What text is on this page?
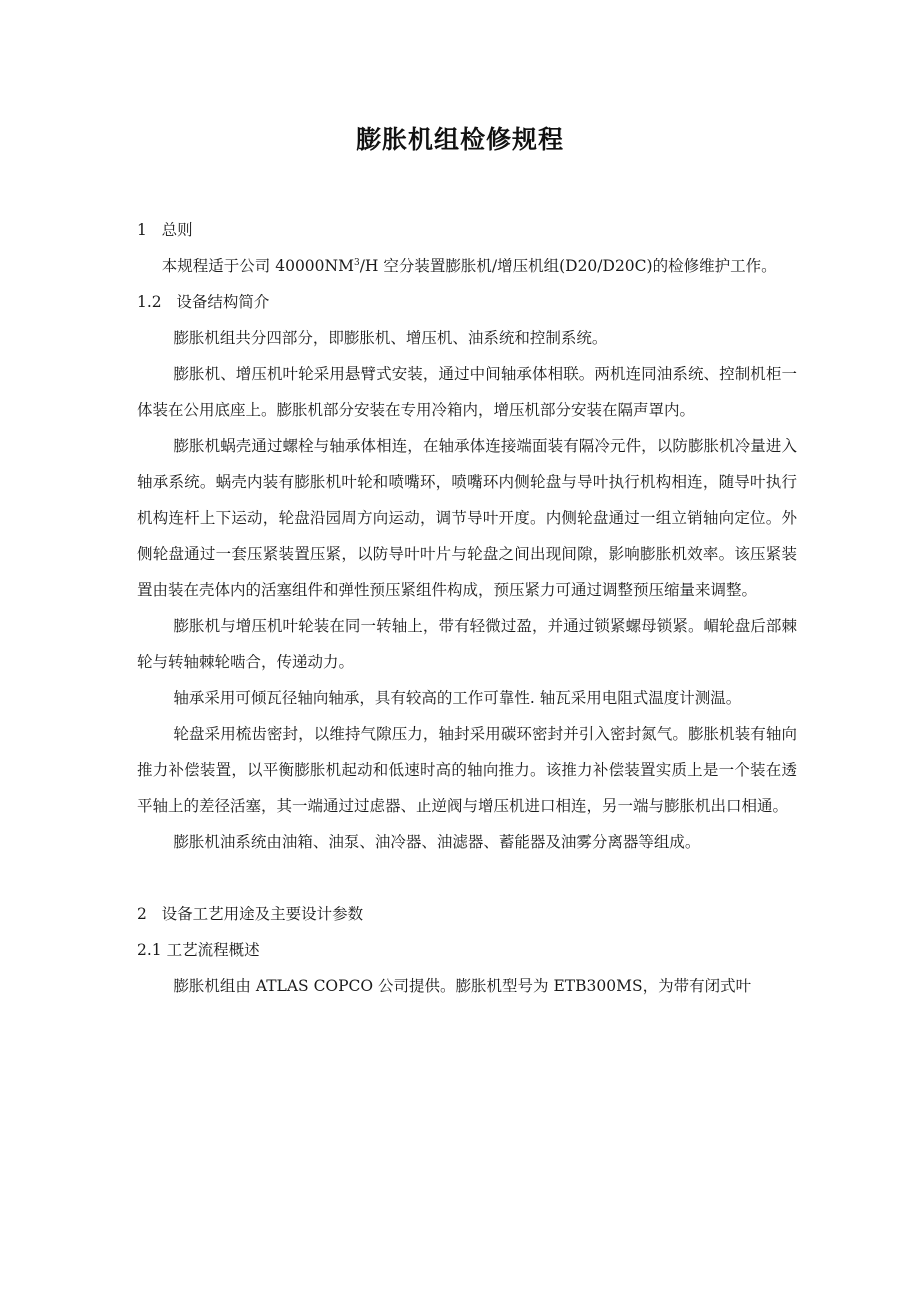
膨胀机组检修规程

1   总则

本规程适于公司 $40000NM^3/H$ 空分装置膨胀机/增压机组(D20/D20C)的检修维护工作。

1.2   设备结构简介

膨胀机组共分四部分，即膨胀机、增压机、油系统和控制系统。

膨胀机、增压机叶轮采用悬臂式安装，通过中间轴承体相联。两机连同油系统、控制机柜一体装在公用底座上。膨胀机部分安装在专用冷箱内，增压机部分安装在隔声罩内。

膨胀机蜗壳通过螺栓与轴承体相连，在轴承体连接端面装有隔冷元件，以防膨胀机冷量进入轴承系统。蜗壳内装有膨胀机叶轮和喷嘴环，喷嘴环内侧轮盘与导叶执行机构相连，随导叶执行机构连杆上下运动，轮盘沿园周方向运动，调节导叶开度。内侧轮盘通过一组立销轴向定位。外侧轮盘通过一套压紧装置压紧，以防导叶叶片与轮盘之间出现间隙，影响膨胀机效率。该压紧装置由装在壳体内的活塞组件和弹性预压紧组件构成，预压紧力可通过调整预压缩量来调整。

膨胀机与增压机叶轮装在同一转轴上，带有轻微过盈，并通过锁紧螺母锁紧。嵋轮盘后部棘轮与转轴棘轮啮合，传递动力。

轴承采用可倾瓦径轴向轴承，具有较高的工作可靠性. 轴瓦采用电阻式温度计测温。

轮盘采用梳齿密封，以维持气隙压力，轴封采用碳环密封并引入密封氮气。膨胀机装有轴向推力补偿装置，以平衡膨胀机起动和低速时高的轴向推力。该推力补偿装置实质上是一个装在透平轴上的差径活塞，其一端通过过虑器、止逆阀与增压机进口相连，另一端与膨胀机出口相通。

膨胀机油系统由油箱、油泵、油冷器、油滤器、蓄能器及油雾分离器等组成。

2   设备工艺用途及主要设计参数

2.1 工艺流程概述

膨胀机组由 ATLAS COPCO 公司提供。膨胀机型号为 ETB300MS，为带有闭式叶
